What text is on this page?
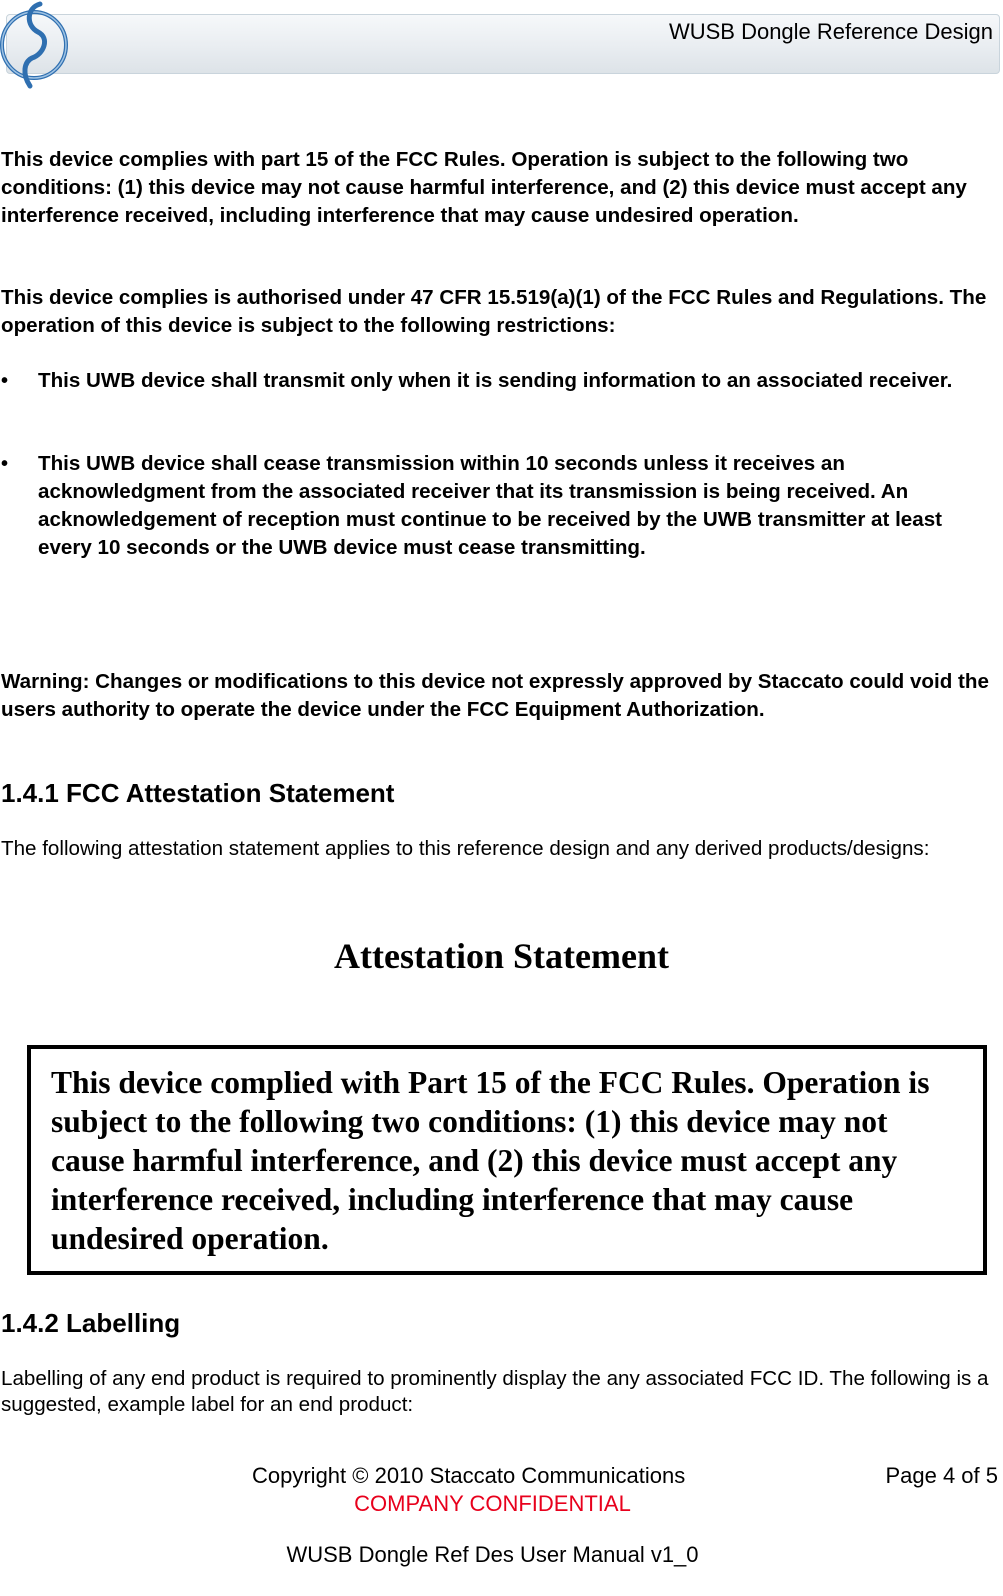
WUSB Dongle Reference Design

This device complies with part 15 of the FCC Rules. Operation is subject to the following two conditions: (1) this device may not cause harmful interference, and (2) this device must accept any interference received, including interference that may cause undesired operation.

This device complies is authorised under 47 CFR 15.519(a)(1) of the FCC Rules and Regulations. The operation of this device is subject to the following restrictions:

• This UWB device shall transmit only when it is sending information to an associated receiver.

• This UWB device shall cease transmission within 10 seconds unless it receives an acknowledgment from the associated receiver that its transmission is being received. An acknowledgement of reception must continue to be received by the UWB transmitter at least every 10 seconds or the UWB device must cease transmitting.

Warning: Changes or modifications to this device not expressly approved by Staccato could void the users authority to operate the device under the FCC Equipment Authorization.

1.4.1 FCC Attestation Statement

The following attestation statement applies to this reference design and any derived products/designs:

Attestation Statement
This device complied with Part 15 of the FCC Rules. Operation is subject to the following two conditions: (1) this device may not cause harmful interference, and (2) this device must accept any interference received, including interference that may cause undesired operation.
1.4.2 Labelling

Labelling of any end product is required to prominently display the any associated FCC ID. The following is a suggested, example label for an end product:

Copyright © 2010 Staccato Communications	Page 4 of 5
COMPANY CONFIDENTIAL
WUSB Dongle Ref Des User Manual v1_0
